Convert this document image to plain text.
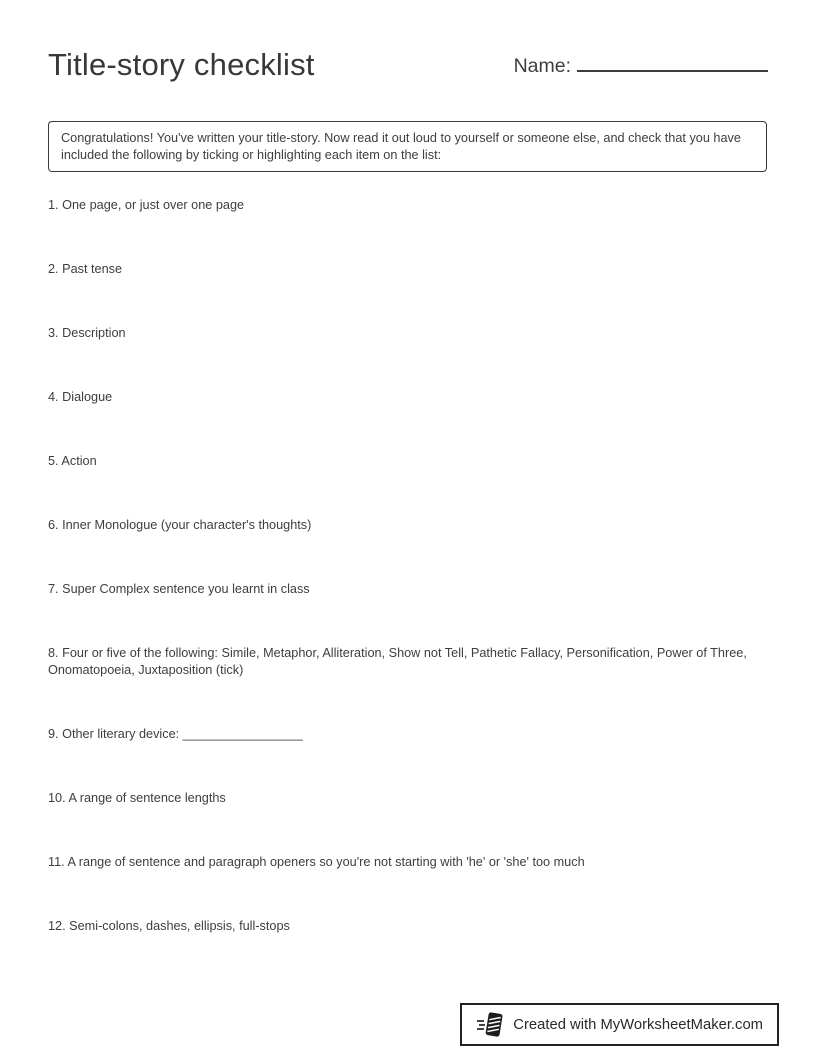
Title-story checklist	Name:
Congratulations! You've written your title-story. Now read it out loud to yourself or someone else, and check that you have included the following by ticking or highlighting each item on the list:
1. One page, or just over one page
2. Past tense
3. Description
4. Dialogue
5. Action
6. Inner Monologue (your character's thoughts)
7. Super Complex sentence you learnt in class
8. Four or five of the following: Simile, Metaphor, Alliteration, Show not Tell, Pathetic Fallacy, Personification, Power of Three, Onomatopoeia, Juxtaposition (tick)
9. Other literary device: _________________
10. A range of sentence lengths
11. A range of sentence and paragraph openers so you're not starting with 'he' or 'she' too much
12. Semi-colons, dashes, ellipsis, full-stops
Created with MyWorksheetMaker.com
